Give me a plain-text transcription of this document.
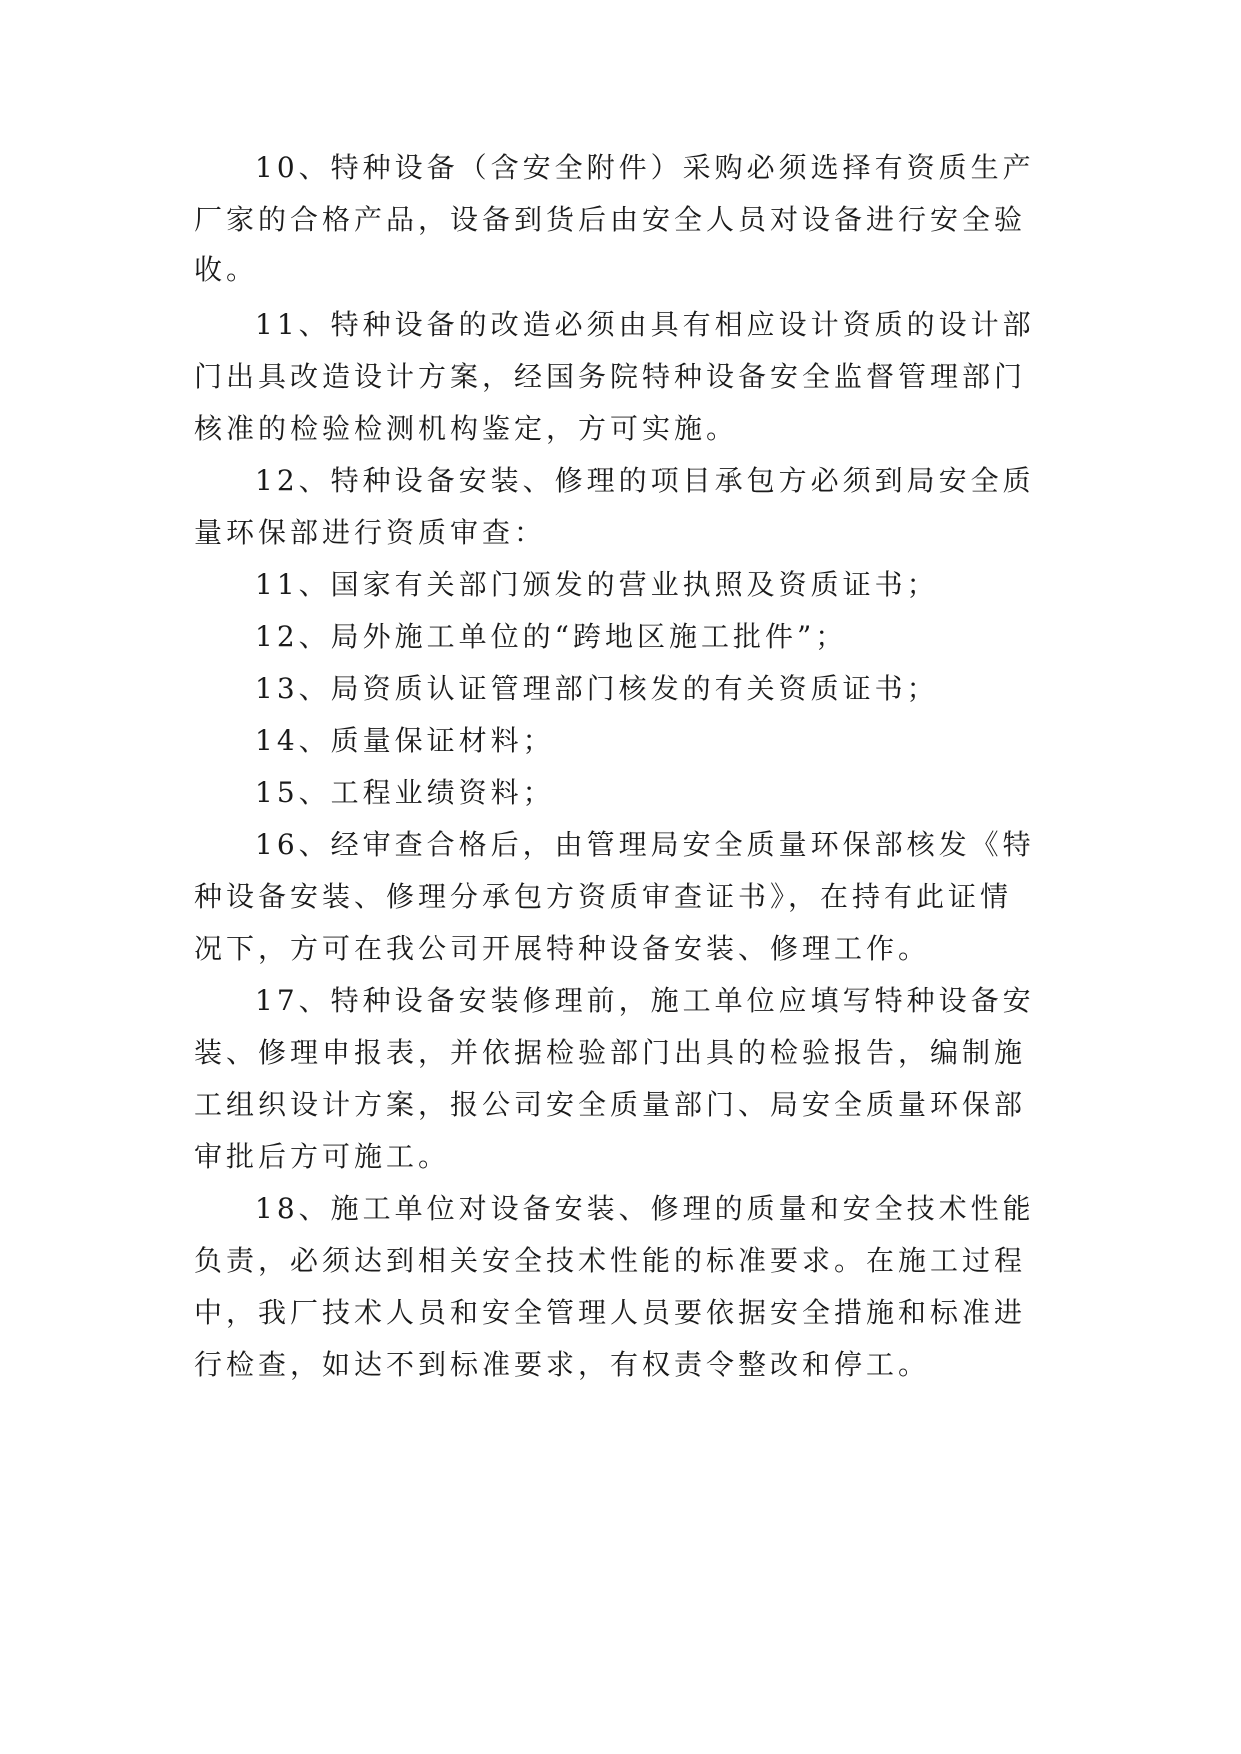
10、特种设备（含安全附件）采购必须选择有资质生产

厂家的合格产品，设备到货后由安全人员对设备进行安全验

收。

11、特种设备的改造必须由具有相应设计资质的设计部

门出具改造设计方案，经国务院特种设备安全监督管理部门

核准的检验检测机构鉴定，方可实施。

12、特种设备安装、修理的项目承包方必须到局安全质

量环保部进行资质审查：

11、国家有关部门颁发的营业执照及资质证书；

12、局外施工单位的“跨地区施工批件”；

13、局资质认证管理部门核发的有关资质证书；

14、质量保证材料；

15、工程业绩资料；

16、经审查合格后，由管理局安全质量环保部核发《特

种设备安装、修理分承包方资质审查证书》，在持有此证情

况下，方可在我公司开展特种设备安装、修理工作。

17、特种设备安装修理前，施工单位应填写特种设备安

装、修理申报表，并依据检验部门出具的检验报告，编制施

工组织设计方案，报公司安全质量部门、局安全质量环保部

审批后方可施工。

18、施工单位对设备安装、修理的质量和安全技术性能

负责，必须达到相关安全技术性能的标准要求。在施工过程

中，我厂技术人员和安全管理人员要依据安全措施和标准进

行检查，如达不到标准要求，有权责令整改和停工。
